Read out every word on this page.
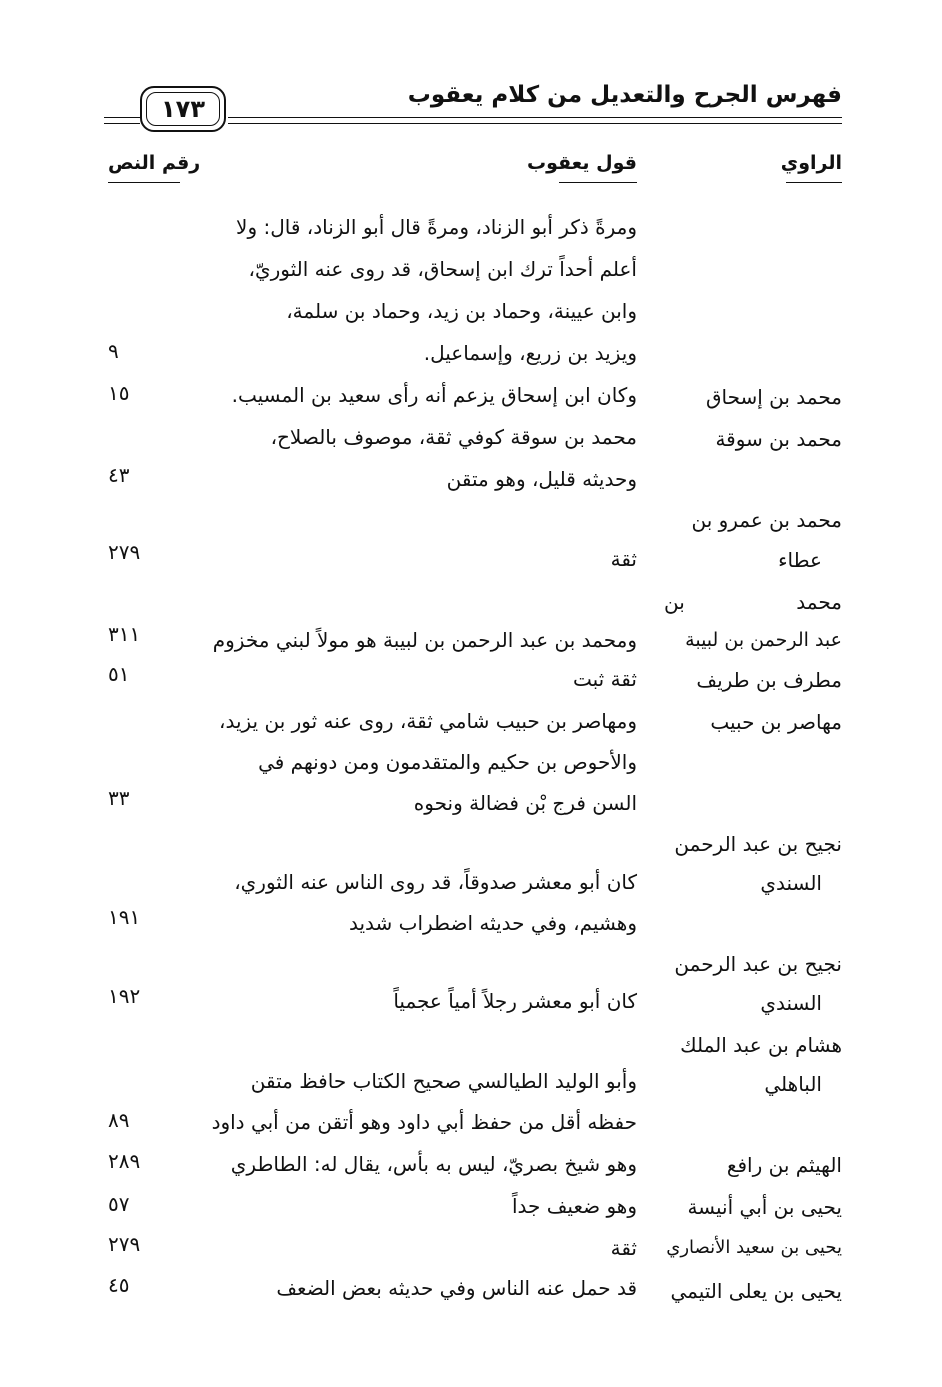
فهرس الجرح والتعديل من كلام يعقوب
١٧٣
الراوي
قول يعقوب
رقم النص
ومرةً ذكر أبو الزناد، ومرةً قال أبو الزناد، قال: ولا
أعلم أحداً ترك ابن إسحاق، قد روى عنه الثوريّ،
وابن عيينة، وحماد بن زيد، وحماد بن سلمة،
ويزيد بن زريع، وإسماعيل.
٩
محمد بن إسحاق
وكان ابن إسحاق يزعم أنه رأى سعيد بن المسيب.
١٥
محمد بن سوقة
محمد بن سوقة كوفي ثقة، موصوف بالصلاح،
وحديثه قليل، وهو متقن
٤٣
محمد بن عمرو بن
عطاء
ثقة
٢٧٩
محمد بن
عبد الرحمن بن لبيبة
ومحمد بن عبد الرحمن بن لبيبة هو مولاً لبني مخزوم
٣١١
مطرف بن طريف
ثقة ثبت
٥١
مهاصر بن حبيب
ومهاصر بن حبيب شامي ثقة، روى عنه ثور بن يزيد،
والأحوص بن حكيم والمتقدمون ومن دونهم في
السن فرج بْن فضالة ونحوه
٣٣
نجيح بن عبد الرحمن
السندي
كان أبو معشر صدوقاً، قد روى الناس عنه الثوري،
وهشيم، وفي حديثه اضطراب شديد
١٩١
نجيح بن عبد الرحمن
السندي
كان أبو معشر رجلاً أمياً عجمياً
١٩٢
هشام بن عبد الملك
الباهلي
وأبو الوليد الطيالسي صحيح الكتاب حافظ متقن
حفظه أقل من حفظ أبي داود وهو أتقن من أبي داود
٨٩
الهيثم بن رافع
وهو شيخ بصريّ، ليس به بأس، يقال له: الطاطري
٢٨٩
يحيى بن أبي أنيسة
وهو ضعيف جداً
٥٧
يحيى بن سعيد الأنصاري
ثقة
٢٧٩
يحيى بن يعلى التيمي
قد حمل عنه الناس وفي حديثه بعض الضعف
٤٥
